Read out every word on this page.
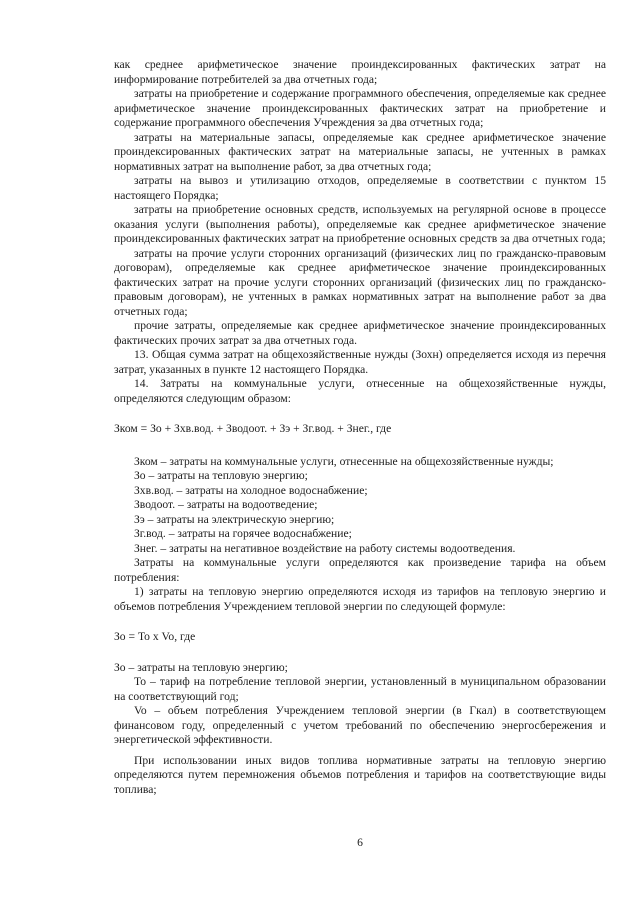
как среднее арифметическое значение проиндексированных фактических затрат на информирование потребителей за два отчетных года;

затраты на приобретение и содержание программного обеспечения, определяемые как среднее арифметическое значение проиндексированных фактических затрат на приобретение и содержание программного обеспечения Учреждения за два отчетных года;

затраты на материальные запасы, определяемые как среднее арифметическое значение проиндексированных фактических затрат на материальные запасы, не учтенных в рамках нормативных затрат на выполнение работ, за два отчетных года;

затраты на вывоз и утилизацию отходов, определяемые в соответствии с пунктом 15 настоящего Порядка;

затраты на приобретение основных средств, используемых на регулярной основе в процессе оказания услуги (выполнения работы), определяемые как среднее арифметическое значение проиндексированных фактических затрат на приобретение основных средств за два отчетных года;

затраты на прочие услуги сторонних организаций (физических лиц по гражданско-правовым договорам), определяемые как среднее арифметическое значение проиндексированных фактических затрат на прочие услуги сторонних организаций (физических лиц по гражданско-правовым договорам), не учтенных в рамках нормативных затрат на выполнение работ за два отчетных года;

прочие затраты, определяемые как среднее арифметическое значение проиндексированных фактических прочих затрат за два отчетных года.

13. Общая сумма затрат на общехозяйственные нужды (Зохн) определяется исходя из перечня затрат, указанных в пункте 12 настоящего Порядка.

14. Затраты на коммунальные услуги, отнесенные на общехозяйственные нужды, определяются следующим образом:

Зком = Зо + Зхв.вод. + Зводоот. + Зэ + Зг.вод. + Знег., где

Зком – затраты на коммунальные услуги, отнесенные на общехозяйственные нужды;

Зо – затраты на тепловую энергию;

Зхв.вод. – затраты на холодное водоснабжение;

Зводоот. – затраты на водоотведение;

Зэ – затраты на электрическую энергию;

Зг.вод. – затраты на горячее водоснабжение;

Знег. – затраты на негативное воздействие на работу системы водоотведения.

Затраты на коммунальные услуги определяются как произведение тарифа на объем потребления:

1) затраты на тепловую энергию определяются исходя из тарифов на тепловую энергию и объемов потребления Учреждением тепловой энергии по следующей формуле:

Зо = То х Vo, где

Зо – затраты на тепловую энергию;

То – тариф на потребление тепловой энергии, установленный в муниципальном образовании на соответствующий год;

Vo – объем потребления Учреждением тепловой энергии (в Гкал) в соответствующем финансовом году, определенный с учетом требований по обеспечению энергосбережения и энергетической эффективности.

При использовании иных видов топлива нормативные затраты на тепловую энергию определяются путем перемножения объемов потребления и тарифов на соответствующие виды топлива;

6
